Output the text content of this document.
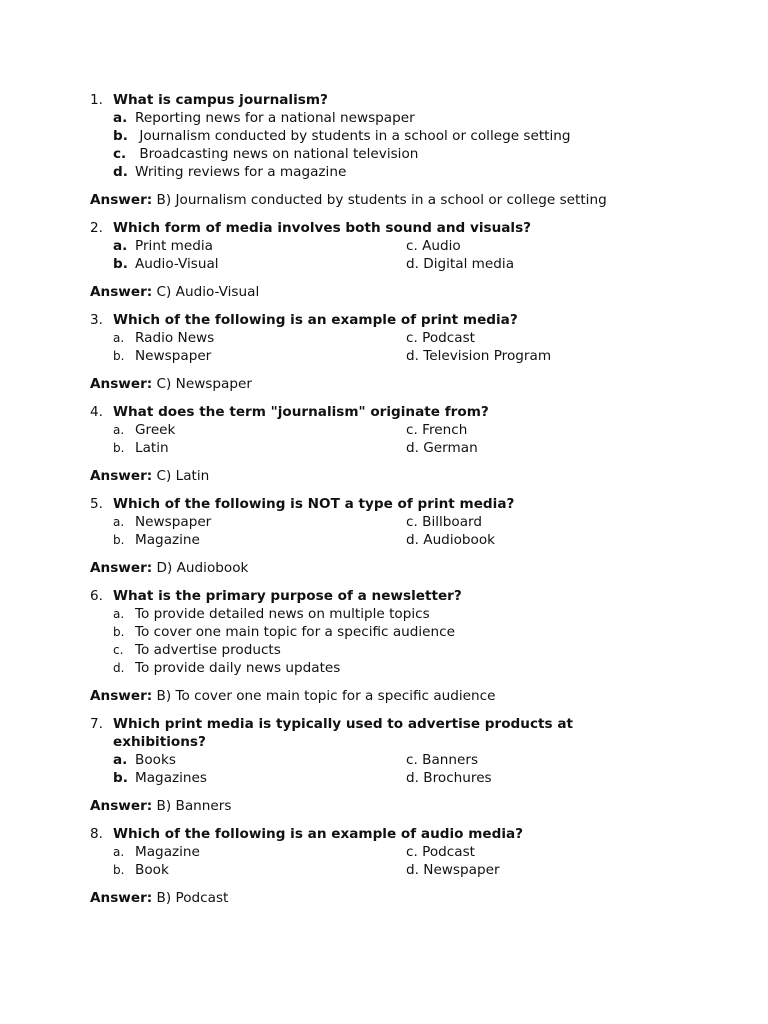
1. What is campus journalism?
a. Reporting news for a national newspaper
b. Journalism conducted by students in a school or college setting
c. Broadcasting news on national television
d. Writing reviews for a magazine
Answer: B) Journalism conducted by students in a school or college setting
2. Which form of media involves both sound and visuals?
a. Print media	c. Audio
b. Audio-Visual	d. Digital media
Answer: C) Audio-Visual
3. Which of the following is an example of print media?
a. Radio News	c. Podcast
b. Newspaper	d. Television Program
Answer: C) Newspaper
4. What does the term "journalism" originate from?
a. Greek	c. French
b. Latin	d. German
Answer: C) Latin
5. Which of the following is NOT a type of print media?
a. Newspaper	c. Billboard
b. Magazine	d. Audiobook
Answer: D) Audiobook
6. What is the primary purpose of a newsletter?
a. To provide detailed news on multiple topics
b. To cover one main topic for a specific audience
c. To advertise products
d. To provide daily news updates
Answer: B) To cover one main topic for a specific audience
7. Which print media is typically used to advertise products at exhibitions?
a. Books	c. Banners
b. Magazines	d. Brochures
Answer: B) Banners
8. Which of the following is an example of audio media?
a. Magazine	c. Podcast
b. Book	d. Newspaper
Answer: B) Podcast
